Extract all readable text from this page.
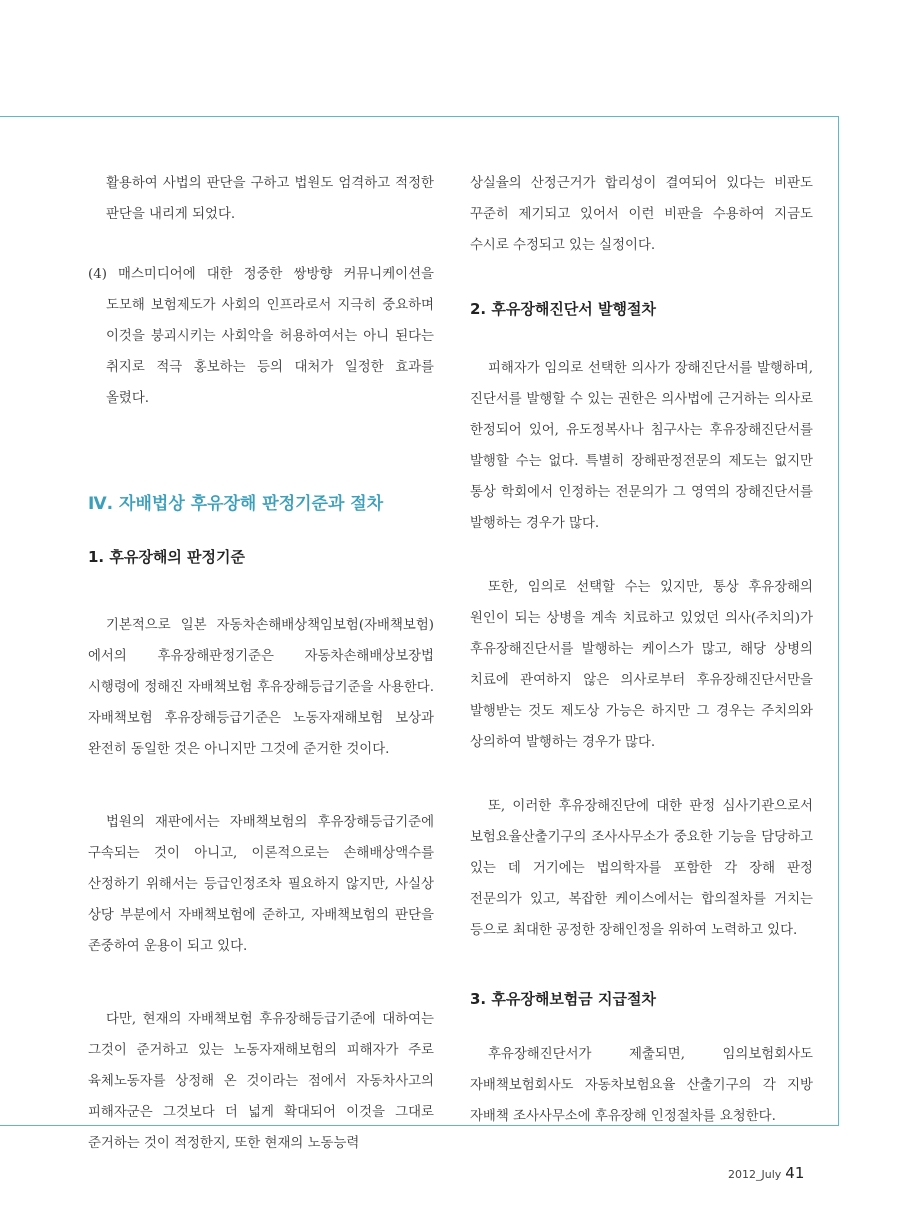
활용하여 사법의 판단을 구하고 법원도 엄격하고 적정한 판단을 내리게 되었다.

(4) 매스미디어에 대한 정중한 쌍방향 커뮤니케이션을 도모해 보험제도가 사회의 인프라로서 지극히 중요하며 이것을 붕괴시키는 사회악을 허용하여서는 아니 된다는 취지로 적극 홍보하는 등의 대처가 일정한 효과를 올렸다.

Ⅳ. 자배법상 후유장해 판정기준과 절차
1. 후유장해의 판정기준

기본적으로 일본 자동차손해배상책임보험(자배책보험)에서의 후유장해판정기준은 자동차손해배상보장법 시행령에 정해진 자배책보험 후유장해등급기준을 사용한다. 자배책보험 후유장해등급기준은 노동자재해보험 보상과 완전히 동일한 것은 아니지만 그것에 준거한 것이다.

법원의 재판에서는 자배책보험의 후유장해등급기준에 구속되는 것이 아니고, 이론적으로는 손해배상액수를 산정하기 위해서는 등급인정조차 필요하지 않지만, 사실상 상당 부분에서 자배책보험에 준하고, 자배책보험의 판단을 존중하여 운용이 되고 있다.

다만, 현재의 자배책보험 후유장해등급기준에 대하여는 그것이 준거하고 있는 노동자재해보험의 피해자가 주로 육체노동자를 상정해 온 것이라는 점에서 자동차사고의 피해자군은 그것보다 더 넓게 확대되어 이것을 그대로 준거하는 것이 적정한지, 또한 현재의 노동능력

상실율의 산정근거가 합리성이 결여되어 있다는 비판도 꾸준히 제기되고 있어서 이런 비판을 수용하여 지금도 수시로 수정되고 있는 실정이다.

2. 후유장해진단서 발행절차

피해자가 임의로 선택한 의사가 장해진단서를 발행하며, 진단서를 발행할 수 있는 권한은 의사법에 근거하는 의사로 한정되어 있어, 유도정복사나 침구사는 후유장해진단서를 발행할 수는 없다. 특별히 장해판정전문의 제도는 없지만 통상 학회에서 인정하는 전문의가 그 영역의 장해진단서를 발행하는 경우가 많다.

또한, 임의로 선택할 수는 있지만, 통상 후유장해의 원인이 되는 상병을 계속 치료하고 있었던 의사(주치의)가 후유장해진단서를 발행하는 케이스가 많고, 해당 상병의 치료에 관여하지 않은 의사로부터 후유장해진단서만을 발행받는 것도 제도상 가능은 하지만 그 경우는 주치의와 상의하여 발행하는 경우가 많다.

또, 이러한 후유장해진단에 대한 판정 심사기관으로서 보험요율산출기구의 조사사무소가 중요한 기능을 담당하고 있는 데 거기에는 법의학자를 포함한 각 장해 판정 전문의가 있고, 복잡한 케이스에서는 합의절차를 거치는 등으로 최대한 공정한 장해인정을 위하여 노력하고 있다.

3. 후유장해보험금 지급절차

후유장해진단서가 제출되면, 임의보험회사도 자배책보험회사도 자동차보험요율 산출기구의 각 지방 자배책 조사사무소에 후유장해 인정절차를 요청한다.

2012_July 41
